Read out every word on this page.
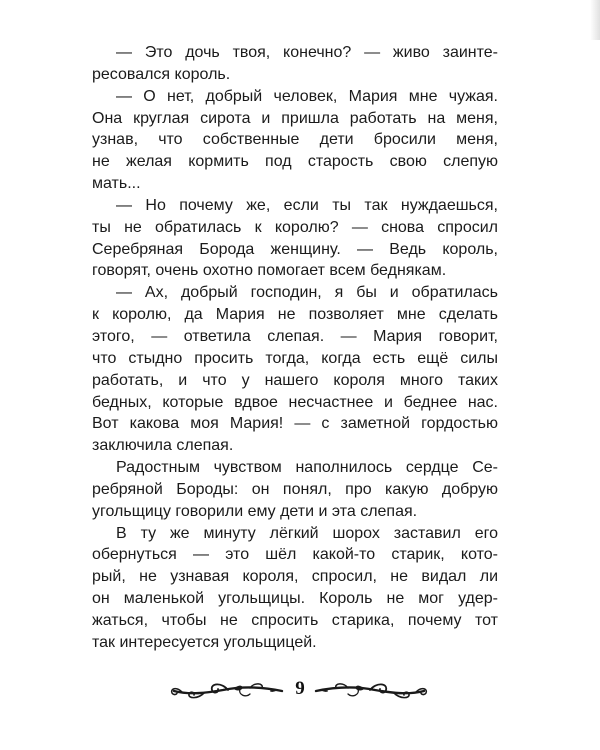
— Это дочь твоя, конечно? — живо заинте-
ресовался король.
— О нет, добрый человек, Мария мне чужая.
Она круглая сирота и пришла работать на меня,
узнав, что собственные дети бросили меня,
не желая кормить под старость свою слепую
мать...
— Но почему же, если ты так нуждаешься,
ты не обратилась к королю? — снова спросил
Серебряная Борода женщину. — Ведь король,
говорят, очень охотно помогает всем беднякам.
— Ах, добрый господин, я бы и обратилась
к королю, да Мария не позволяет мне сделать
этого, — ответила слепая. — Мария говорит,
что стыдно просить тогда, когда есть ещё силы
работать, и что у нашего короля много таких
бедных, которые вдвое несчастнее и беднее нас.
Вот какова моя Мария! — с заметной гордостью
заключила слепая.
Радостным чувством наполнилось сердце Се-
ребряной Бороды: он понял, про какую добрую
угольщицу говорили ему дети и эта слепая.
В ту же минуту лёгкий шорох заставил его
обернуться — это шёл какой-то старик, кото-
рый, не узнавая короля, спросил, не видал ли
он маленькой угольщицы. Король не мог удер-
жаться, чтобы не спросить старика, почему тот
так интересуется угольщицей.
9
